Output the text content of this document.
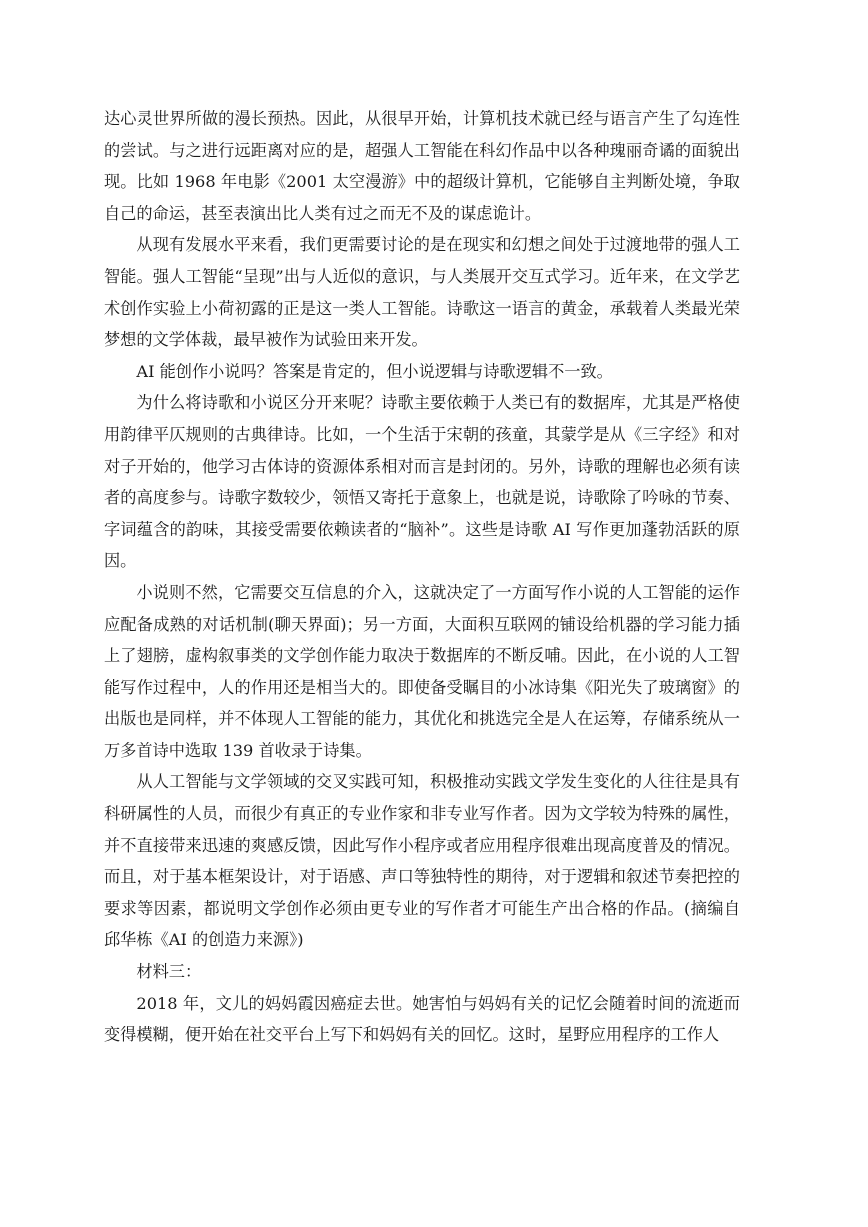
达心灵世界所做的漫长预热。因此，从很早开始，计算机技术就已经与语言产生了勾连性的尝试。与之进行远距离对应的是，超强人工智能在科幻作品中以各种瑰丽奇谲的面貌出现。比如 1968 年电影《2001 太空漫游》中的超级计算机，它能够自主判断处境，争取自己的命运，甚至表演出比人类有过之而无不及的谋虑诡计。

从现有发展水平来看，我们更需要讨论的是在现实和幻想之间处于过渡地带的强人工智能。强人工智能“呈现”出与人近似的意识，与人类展开交互式学习。近年来，在文学艺术创作实验上小荷初露的正是这一类人工智能。诗歌这一语言的黄金，承载着人类最光荣梦想的文学体裁，最早被作为试验田来开发。

AI 能创作小说吗？答案是肯定的，但小说逻辑与诗歌逻辑不一致。

为什么将诗歌和小说区分开来呢？诗歌主要依赖于人类已有的数据库，尤其是严格使用韵律平仄规则的古典律诗。比如，一个生活于宋朝的孩童，其蒙学是从《三字经》和对对子开始的，他学习古体诗的资源体系相对而言是封闭的。另外，诗歌的理解也必须有读者的高度参与。诗歌字数较少，领悟又寄托于意象上，也就是说，诗歌除了吟咏的节奏、字词蕴含的韵味，其接受需要依赖读者的“脑补”。这些是诗歌 AI 写作更加蓬勃活跃的原因。

小说则不然，它需要交互信息的介入，这就决定了一方面写作小说的人工智能的运作应配备成熟的对话机制(聊天界面)；另一方面，大面积互联网的铺设给机器的学习能力插上了翅膀，虚构叙事类的文学创作能力取决于数据库的不断反哺。因此，在小说的人工智能写作过程中，人的作用还是相当大的。即使备受瞩目的小冰诗集《阳光失了玻璃窗》的出版也是同样，并不体现人工智能的能力，其优化和挑选完全是人在运筹，存储系统从一万多首诗中选取 139 首收录于诗集。

从人工智能与文学领域的交叉实践可知，积极推动实践文学发生变化的人往往是具有科研属性的人员，而很少有真正的专业作家和非专业写作者。因为文学较为特殊的属性，并不直接带来迅速的爽感反馈，因此写作小程序或者应用程序很难出现高度普及的情况。而且，对于基本框架设计，对于语感、声口等独特性的期待，对于逻辑和叙述节奏把控的要求等因素，都说明文学创作必须由更专业的写作者才可能生产出合格的作品。(摘编自邱华栋《AI 的创造力来源》)

材料三：

2018 年，文儿的妈妈霞因癌症去世。她害怕与妈妈有关的记忆会随着时间的流逝而变得模糊，便开始在社交平台上写下和妈妈有关的回忆。这时，星野应用程序的工作人
